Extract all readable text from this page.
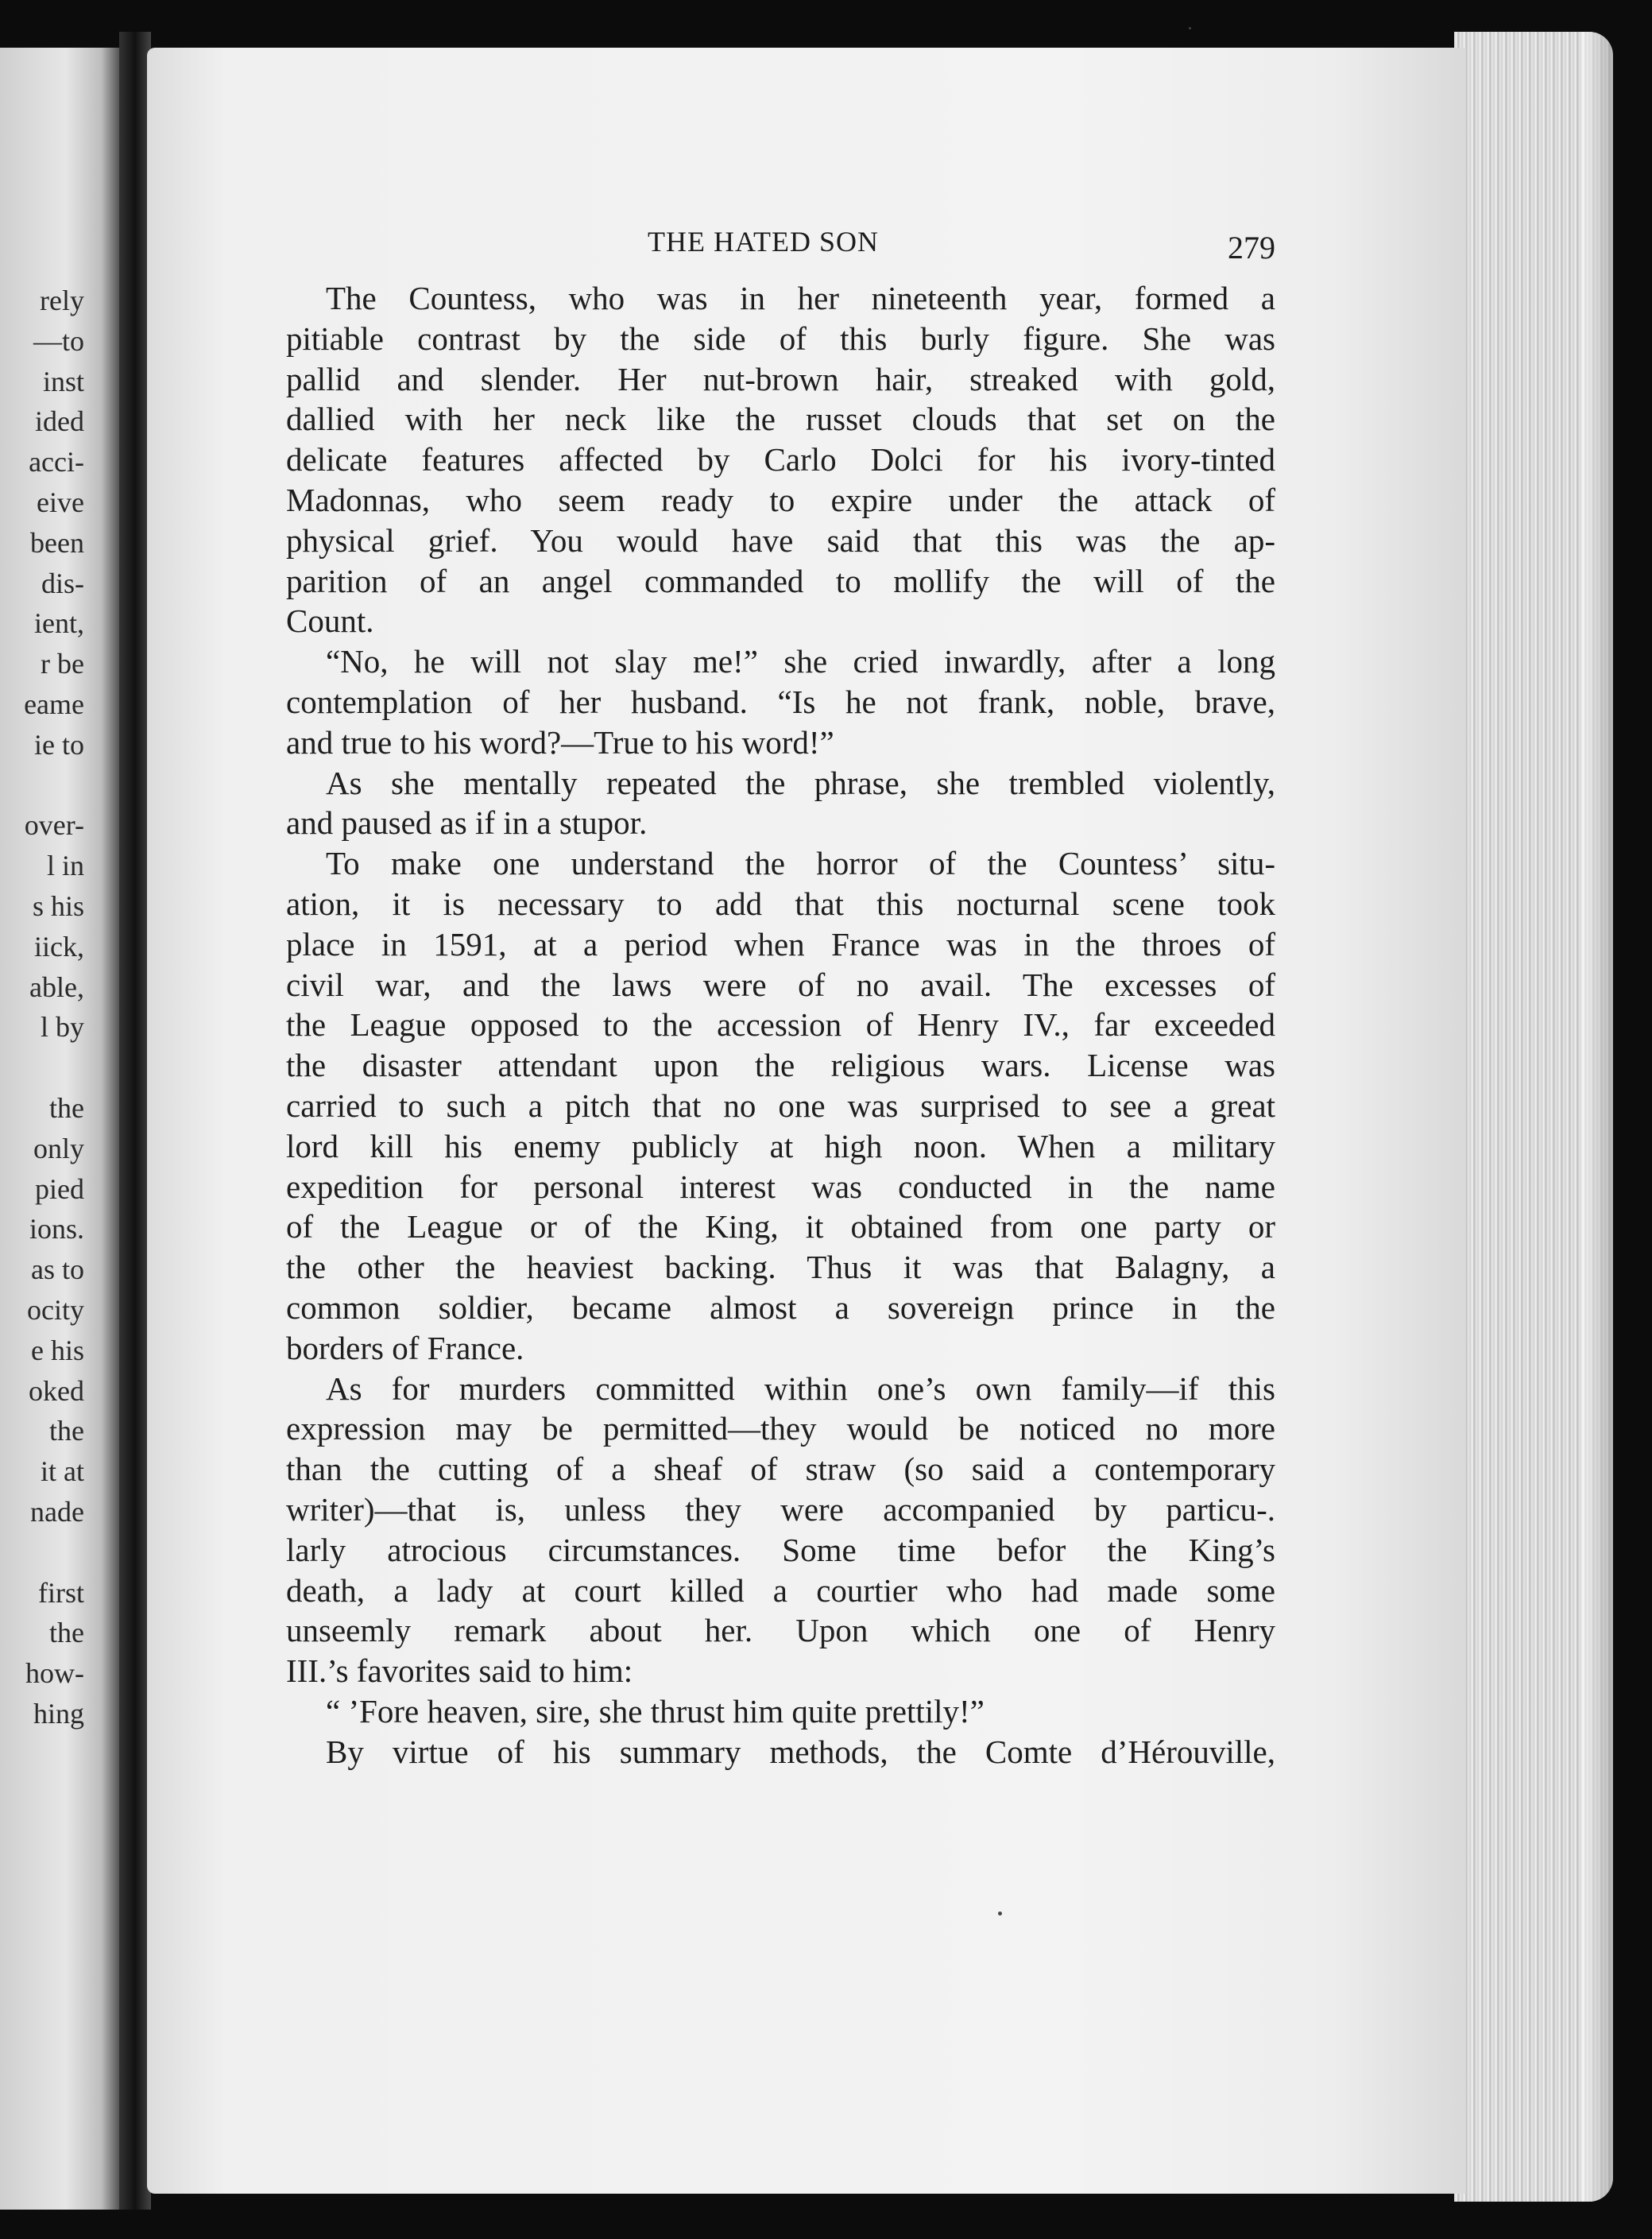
rely
—to
inst
ided
acci-
eive
been
dis-
ient,
r be
eame
ie to
over-
l in
s his
iick,
able,
l by
the
only
pied
ions.
as to
ocity
e his
oked
the
it at
nade
first
the
how-
hing
THE HATED SON	279
The Countess, who was in her nineteenth year, formed a
pitiable contrast by the side of this burly figure. She was
pallid and slender. Her nut-brown hair, streaked with gold,
dallied with her neck like the russet clouds that set on the
delicate features affected by Carlo Dolci for his ivory-tinted
Madonnas, who seem ready to expire under the attack of
physical grief. You would have said that this was the ap-
parition of an angel commanded to mollify the will of the
Count.
“No, he will not slay me!” she cried inwardly, after a long
contemplation of her husband. “Is he not frank, noble, brave,
and true to his word?—True to his word!”
As she mentally repeated the phrase, she trembled violently,
and paused as if in a stupor.
To make one understand the horror of the Countess’ situ-
ation, it is necessary to add that this nocturnal scene took
place in 1591, at a period when France was in the throes of
civil war, and the laws were of no avail. The excesses of
the League opposed to the accession of Henry IV., far exceeded
the disaster attendant upon the religious wars. License was
carried to such a pitch that no one was surprised to see a great
lord kill his enemy publicly at high noon. When a military
expedition for personal interest was conducted in the name
of the League or of the King, it obtained from one party or
the other the heaviest backing. Thus it was that Balagny, a
common soldier, became almost a sovereign prince in the
borders of France.
As for murders committed within one’s own family—if this
expression may be permitted—they would be noticed no more
than the cutting of a sheaf of straw (so said a contemporary
writer)—that is, unless they were accompanied by particu-.
larly atrocious circumstances. Some time befor the King’s
death, a lady at court killed a courtier who had made some
unseemly remark about her. Upon which one of Henry
III.’s favorites said to him:
“ ’Fore heaven, sire, she thrust him quite prettily!”
By virtue of his summary methods, the Comte d’Hérouville,
